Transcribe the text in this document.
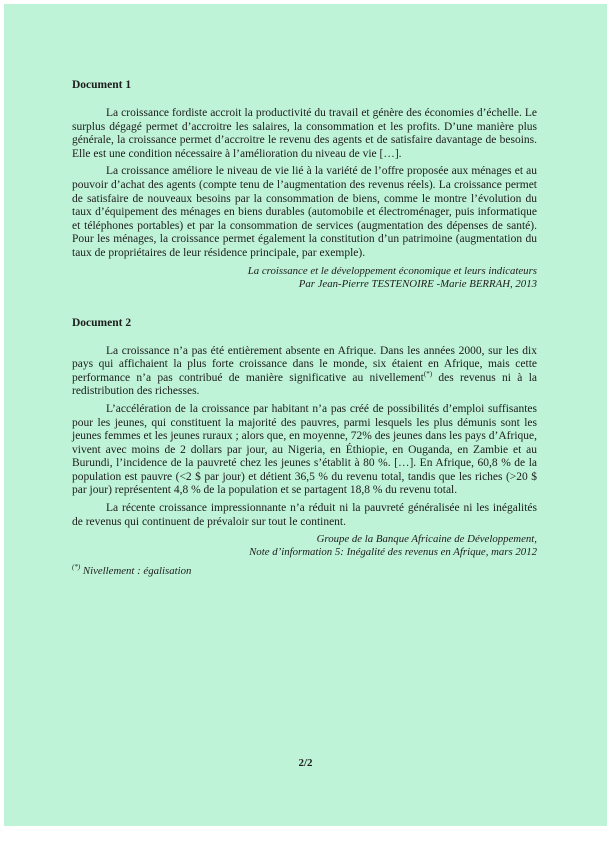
Document 1

La croissance fordiste accroit la productivité du travail et génère des économies d’échelle. Le surplus dégagé permet d’accroitre les salaires, la consommation et les profits. D’une manière plus générale, la croissance permet d’accroitre le revenu des agents et de satisfaire davantage de besoins. Elle est une condition nécessaire à l’amélioration du niveau de vie […].

La croissance améliore le niveau de vie lié à la variété de l’offre proposée aux ménages et au pouvoir d’achat des agents (compte tenu de l’augmentation des revenus réels). La croissance permet de satisfaire de nouveaux besoins par la consommation de biens, comme le montre l’évolution du taux d’équipement des ménages en biens durables (automobile et électroménager, puis informatique et téléphones portables) et par la consommation de services (augmentation des dépenses de santé). Pour les ménages, la croissance permet également la constitution d’un patrimoine (augmentation du taux de propriétaires de leur résidence principale, par exemple).

La croissance et le développement économique et leurs indicateurs
Par Jean-Pierre TESTENOIRE -Marie BERRAH, 2013
Document 2

La croissance n’a pas été entièrement absente en Afrique. Dans les années 2000, sur les dix pays qui affichaient la plus forte croissance dans le monde, six étaient en Afrique, mais cette performance n’a pas contribué de manière significative au nivellement(*) des revenus ni à la redistribution des richesses.

L’accélération de la croissance par habitant n’a pas créé de possibilités d’emploi suffisantes pour les jeunes, qui constituent la majorité des pauvres, parmi lesquels les plus démunis sont les jeunes femmes et les jeunes ruraux ; alors que, en moyenne, 72% des jeunes dans les pays d’Afrique, vivent avec moins de 2 dollars par jour, au Nigeria, en Éthiopie, en Ouganda, en Zambie et au Burundi, l’incidence de la pauvreté chez les jeunes s’établit à 80 %. […]. En Afrique, 60,8 % de la population est pauvre (<2 $ par jour) et détient 36,5 % du revenu total, tandis que les riches (>20 $ par jour) représentent 4,8 % de la population et se partagent 18,8 % du revenu total.

La récente croissance impressionnante n’a réduit ni la pauvreté généralisée ni les inégalités de revenus qui continuent de prévaloir sur tout le continent.

Groupe de la Banque Africaine de Développement,
Note d’information 5: Inégalité des revenus en Afrique, mars 2012
(*) Nivellement : égalisation
2/2
